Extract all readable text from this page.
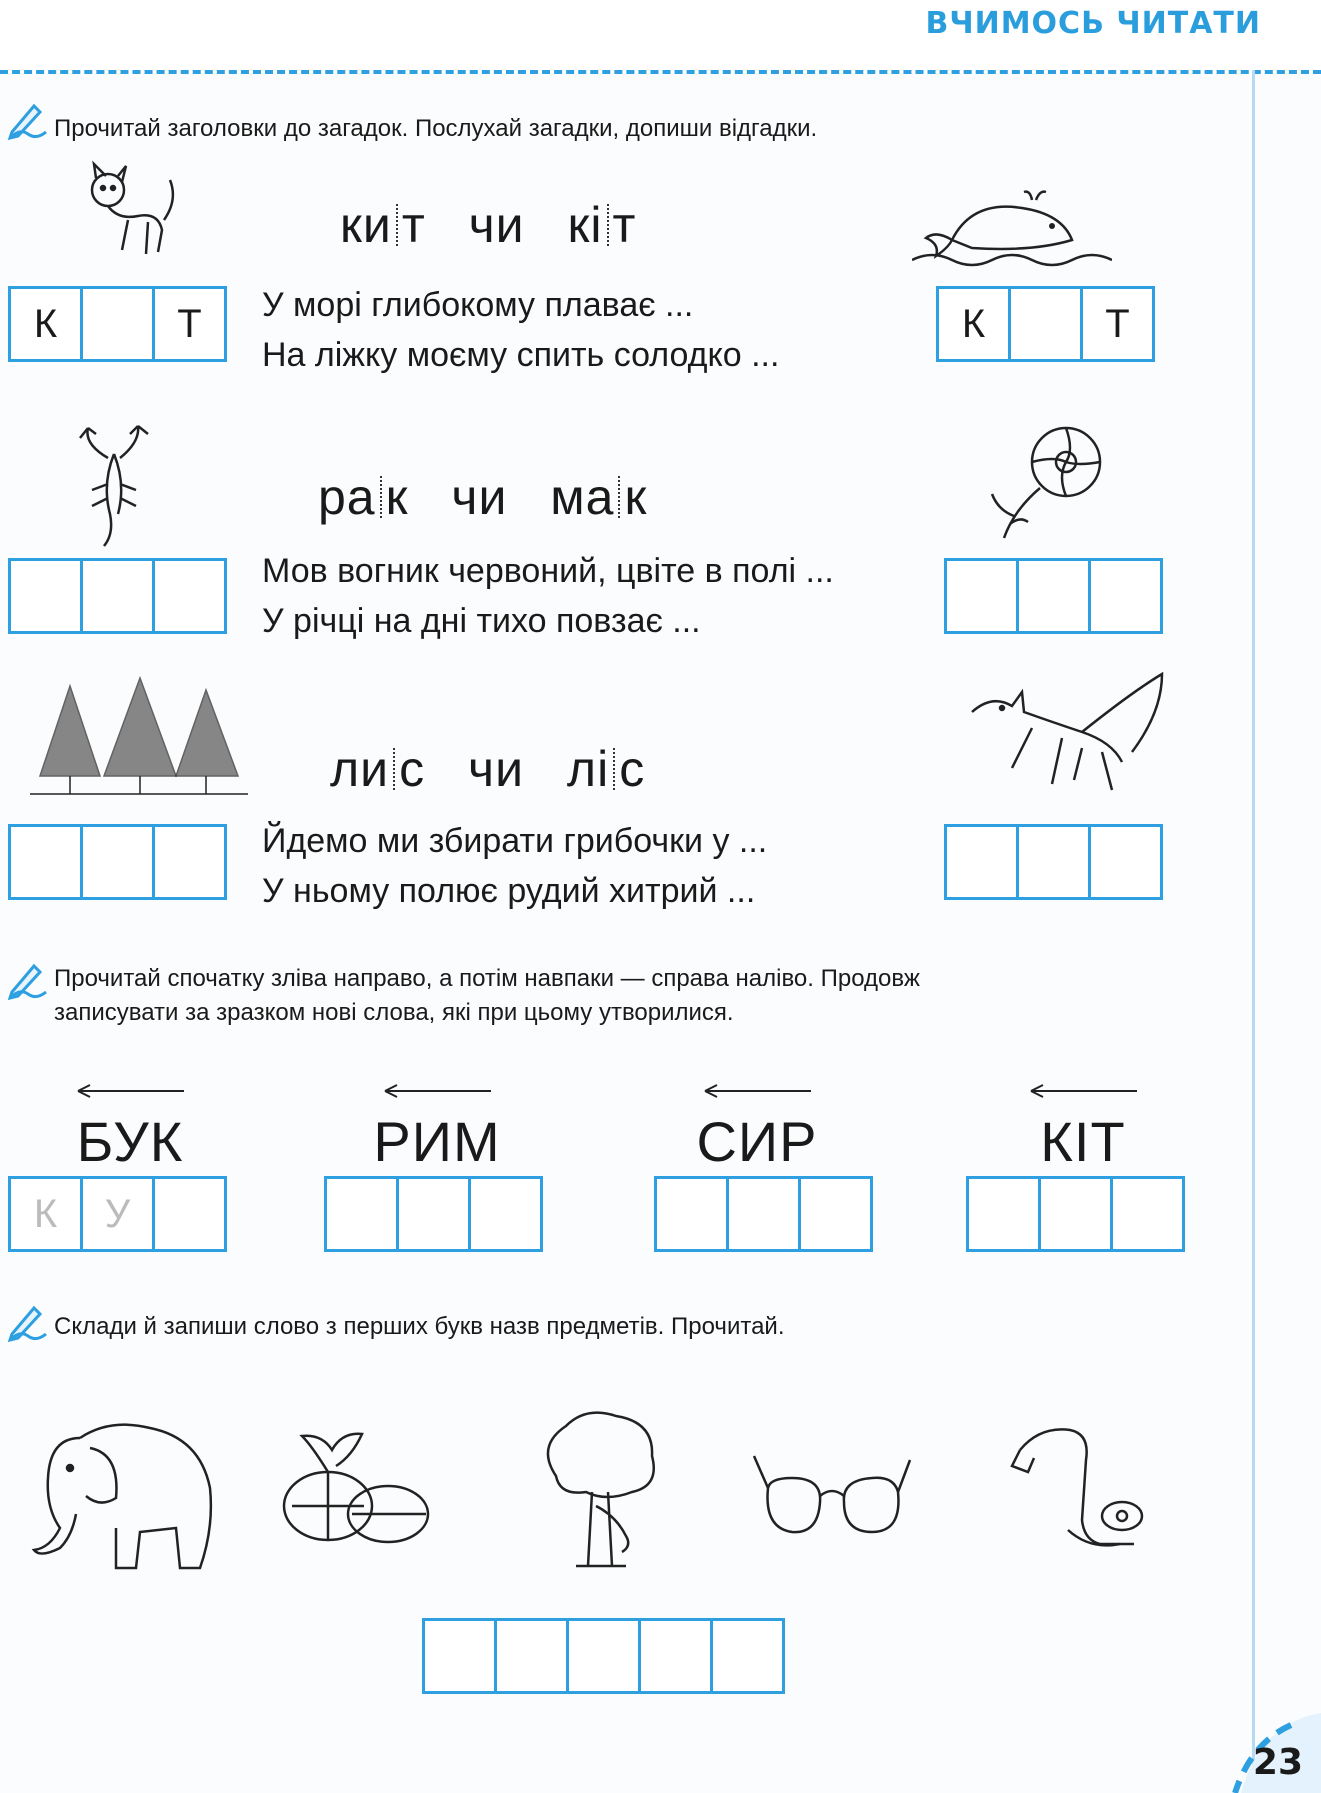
ВЧИМОСЬ ЧИТАТИ
Прочитай заголовки до загадок. Послухай загадки, допиши відгадки.
ки т чи кі т
У морі глибокому плаває ...
На ліжку моєму спить солодко ...
К	Т	К	Т
ра к чи ма к
Мов вогник червоний, цвіте в полі ...
У річці на дні тихо повзає ...
ли с чи лі с
Йдемо ми збирати грибочки у ...
У ньому полює рудий хитрий ...
Прочитай спочатку зліва направо, а потім навпаки — справа наліво. Продовж
записувати за зразком нові слова, які при цьому утворилися.
БУК
К	У
РИМ	СИР	КІТ
Склади й запиши слово з перших букв назв предметів. Прочитай.
23
